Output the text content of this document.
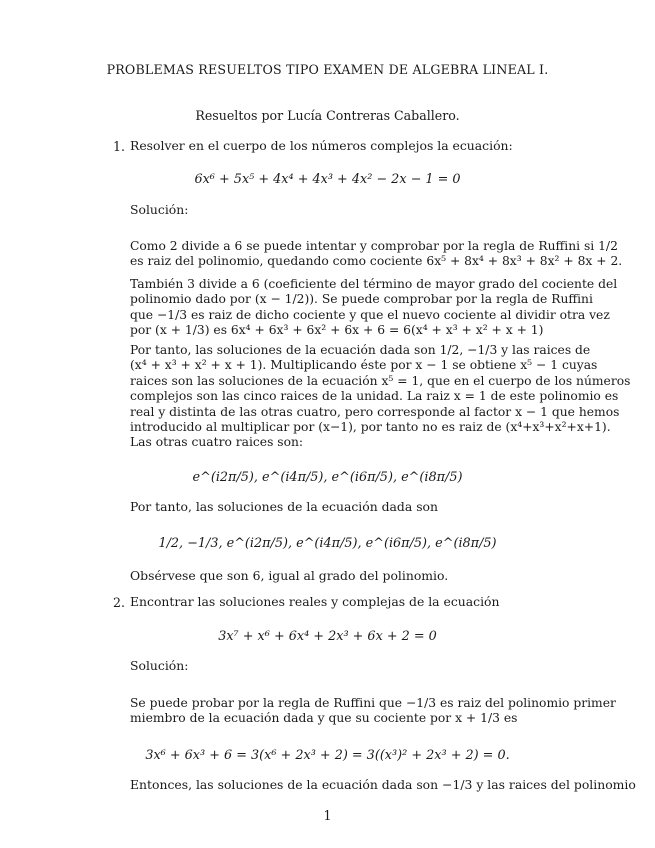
PROBLEMAS RESUELTOS TIPO EXAMEN DE ALGEBRA LINEAL I.
Resueltos por Lucía Contreras Caballero.
1. Resolver en el cuerpo de los números complejos la ecuación:
6x⁶ + 5x⁵ + 4x⁴ + 4x³ + 4x² − 2x − 1 = 0
Solución:
Como 2 divide a 6 se puede intentar y comprobar por la regla de Ruffini si 1/2
es raiz del polinomio, quedando como cociente 6x⁵ + 8x⁴ + 8x³ + 8x² + 8x + 2.
También 3 divide a 6 (coeficiente del término de mayor grado del cociente del
polinomio dado por (x − 1/2)). Se puede comprobar por la regla de Ruffini
que −1/3 es raiz de dicho cociente y que el nuevo cociente al dividir otra vez
por (x + 1/3) es 6x⁴ + 6x³ + 6x² + 6x + 6 = 6(x⁴ + x³ + x² + x + 1)
Por tanto, las soluciones de la ecuación dada son 1/2, −1/3 y las raices de
(x⁴ + x³ + x² + x + 1). Multiplicando éste por x − 1 se obtiene x⁵ − 1 cuyas
raices son las soluciones de la ecuación x⁵ = 1, que en el cuerpo de los números
complejos son las cinco raices de la unidad. La raiz x = 1 de este polinomio es
real y distinta de las otras cuatro, pero corresponde al factor x − 1 que hemos
introducido al multiplicar por (x−1), por tanto no es raiz de (x⁴+x³+x²+x+1).
Las otras cuatro raices son:
e^(i2π/5), e^(i4π/5), e^(i6π/5), e^(i8π/5)
Por tanto, las soluciones de la ecuación dada son
1/2, −1/3, e^(i2π/5), e^(i4π/5), e^(i6π/5), e^(i8π/5)
Obsérvese que son 6, igual al grado del polinomio.
2. Encontrar las soluciones reales y complejas de la ecuación
3x⁷ + x⁶ + 6x⁴ + 2x³ + 6x + 2 = 0
Solución:
Se puede probar por la regla de Ruffini que −1/3 es raiz del polinomio primer
miembro de la ecuación dada y que su cociente por x + 1/3 es
3x⁶ + 6x³ + 6 = 3(x⁶ + 2x³ + 2) = 3((x³)² + 2x³ + 2) = 0.
Entonces, las soluciones de la ecuación dada son −1/3 y las raices del polinomio
1
